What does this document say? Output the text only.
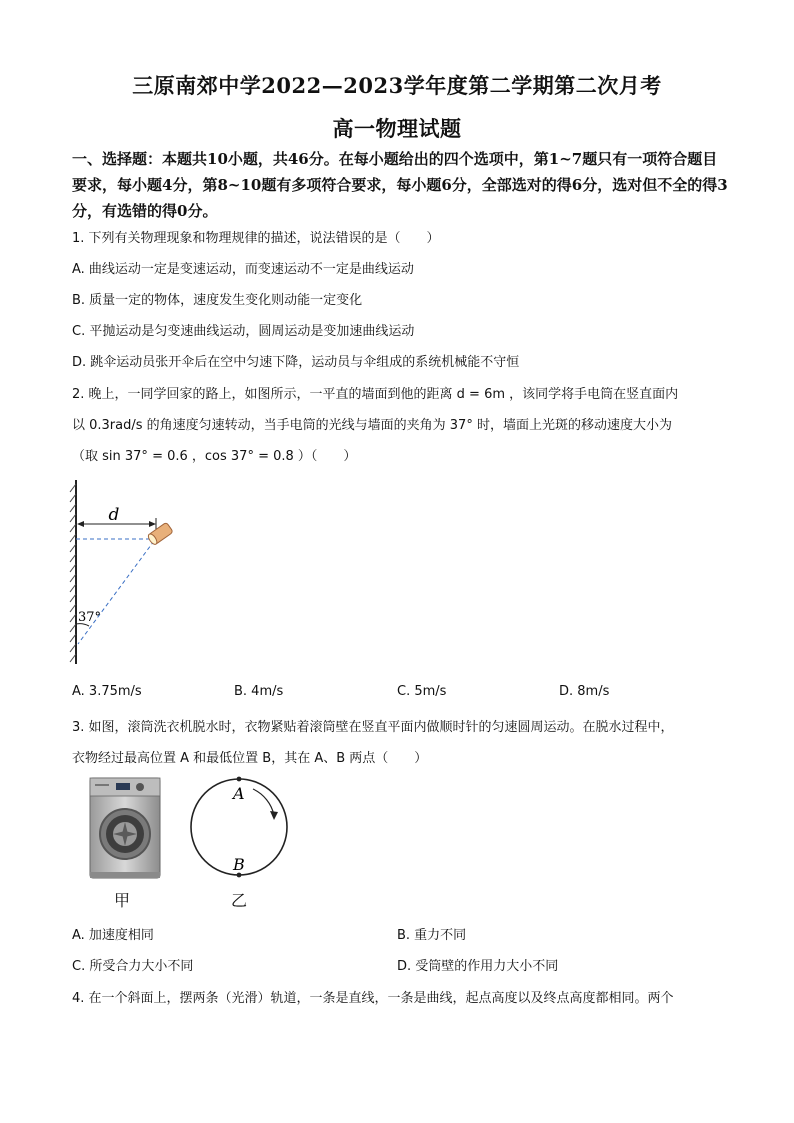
三原南郊中学2022—2023学年度第二学期第二次月考
高一物理试题
一、选择题：本题共10小题，共46分。在每小题给出的四个选项中，第1~7题只有一项符合题目要求，每小题4分，第8~10题有多项符合要求，每小题6分，全部选对的得6分，选对但不全的得3分，有选错的得0分。
1. 下列有关物理现象和物理规律的描述，说法错误的是（　　）
A. 曲线运动一定是变速运动，而变速运动不一定是曲线运动
B. 质量一定的物体，速度发生变化则动能一定变化
C. 平抛运动是匀变速曲线运动，圆周运动是变加速曲线运动
D. 跳伞运动员张开伞后在空中匀速下降，运动员与伞组成的系统机械能不守恒
2. 晚上，一同学回家的路上，如图所示，一平直的墙面到他的距离 d = 6m ，该同学将手电筒在竖直面内
以 0.3rad/s 的角速度匀速转动，当手电筒的光线与墙面的夹角为 37° 时，墙面上光斑的移动速度大小为
（取 sin 37° = 0.6 ，cos 37° = 0.8 ）（　　）
d
37°
A. 3.75m/s	B. 4m/s	C. 5m/s	D. 8m/s
3. 如图，滚筒洗衣机脱水时，衣物紧贴着滚筒壁在竖直平面内做顺时针的匀速圆周运动。在脱水过程中，
衣物经过最高位置 A 和最低位置 B，其在 A、B 两点（　　）
甲
A
B
乙
A. 加速度相同	B. 重力不同
C. 所受合力大小不同	D. 受筒壁的作用力大小不同
4. 在一个斜面上，摆两条（光滑）轨道，一条是直线，一条是曲线，起点高度以及终点高度都相同。两个
